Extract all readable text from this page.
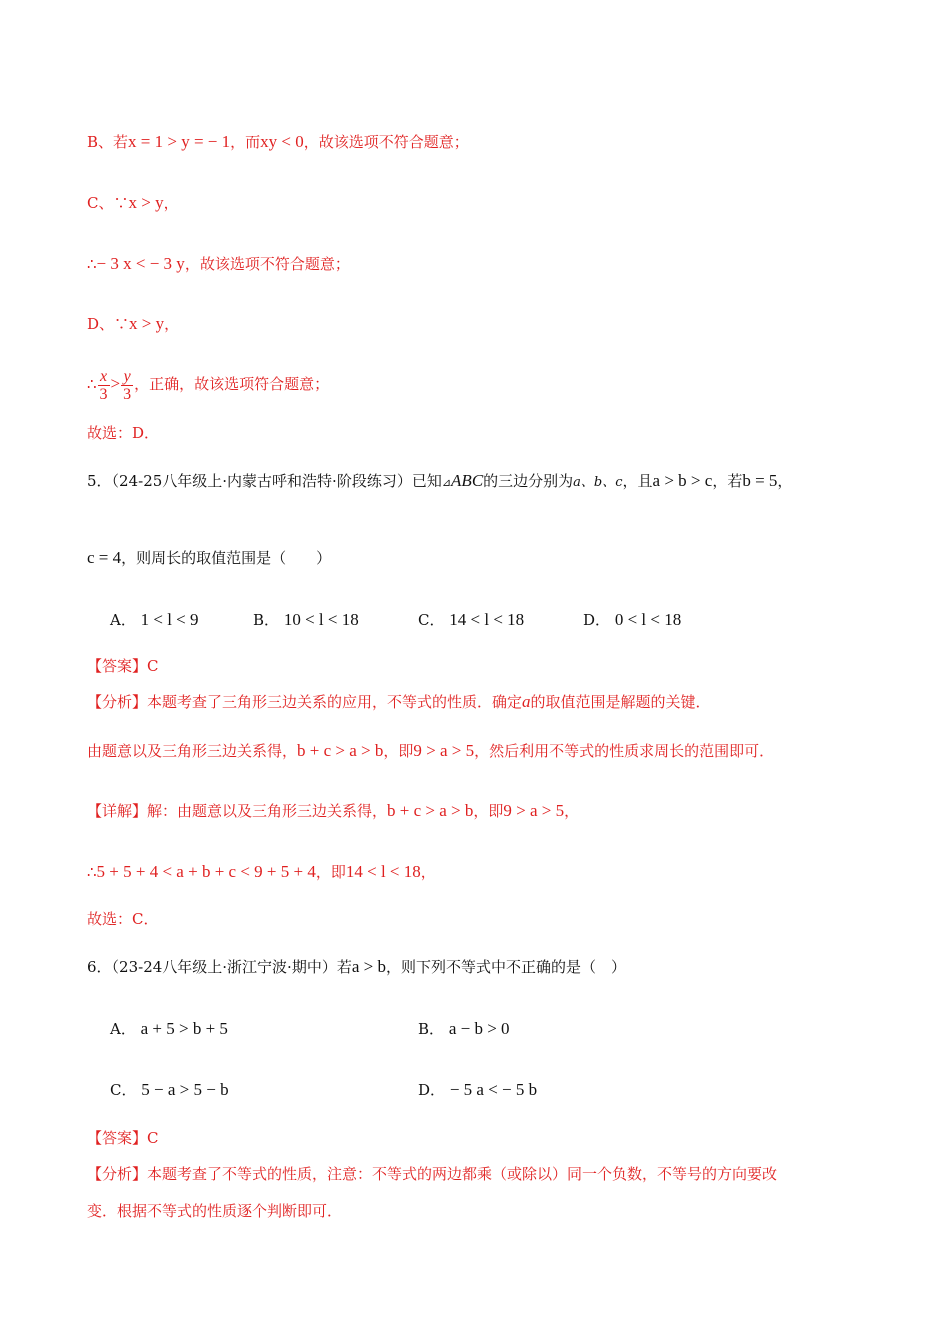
B、若x = 1 > y = − 1，而xy < 0，故该选项不符合题意；
C、∵x > y，
∴− 3 x < − 3 y，故该选项不符合题意；
D、∵x > y，
∴ $\frac{x}{3} > \frac{y}{3}$ ，正确，故该选项符合题意；
故选：D．
5．（24-25八年级上·内蒙古呼和浩特·阶段练习）已知⊿ABC的三边分别为a、b、c，且a > b > c，若b = 5，
c = 4，则周长的取值范围是（　　）
A． 1 < l < 9	B． 10 < l < 18	C． 14 < l < 18	D． 0 < l < 18
【答案】C
【分析】本题考查了三角形三边关系的应用，不等式的性质．确定a的取值范围是解题的关键．
由题意以及三角形三边关系得，b + c > a > b，即9 > a > 5，然后利用不等式的性质求周长的范围即可．
【详解】解：由题意以及三角形三边关系得，b + c > a > b，即9 > a > 5，
∴5 + 5 + 4 < a + b + c < 9 + 5 + 4，即14 < l < 18，
故选：C．
6．（23-24八年级上·浙江宁波·期中）若a > b，则下列不等式中不正确的是（　）
A． a + 5 > b + 5	B． a − b > 0
C． 5 − a > 5 − b	D． − 5 a < − 5 b
【答案】C
【分析】本题考查了不等式的性质，注意：不等式的两边都乘（或除以）同一个负数，不等号的方向要改
变．根据不等式的性质逐个判断即可．
